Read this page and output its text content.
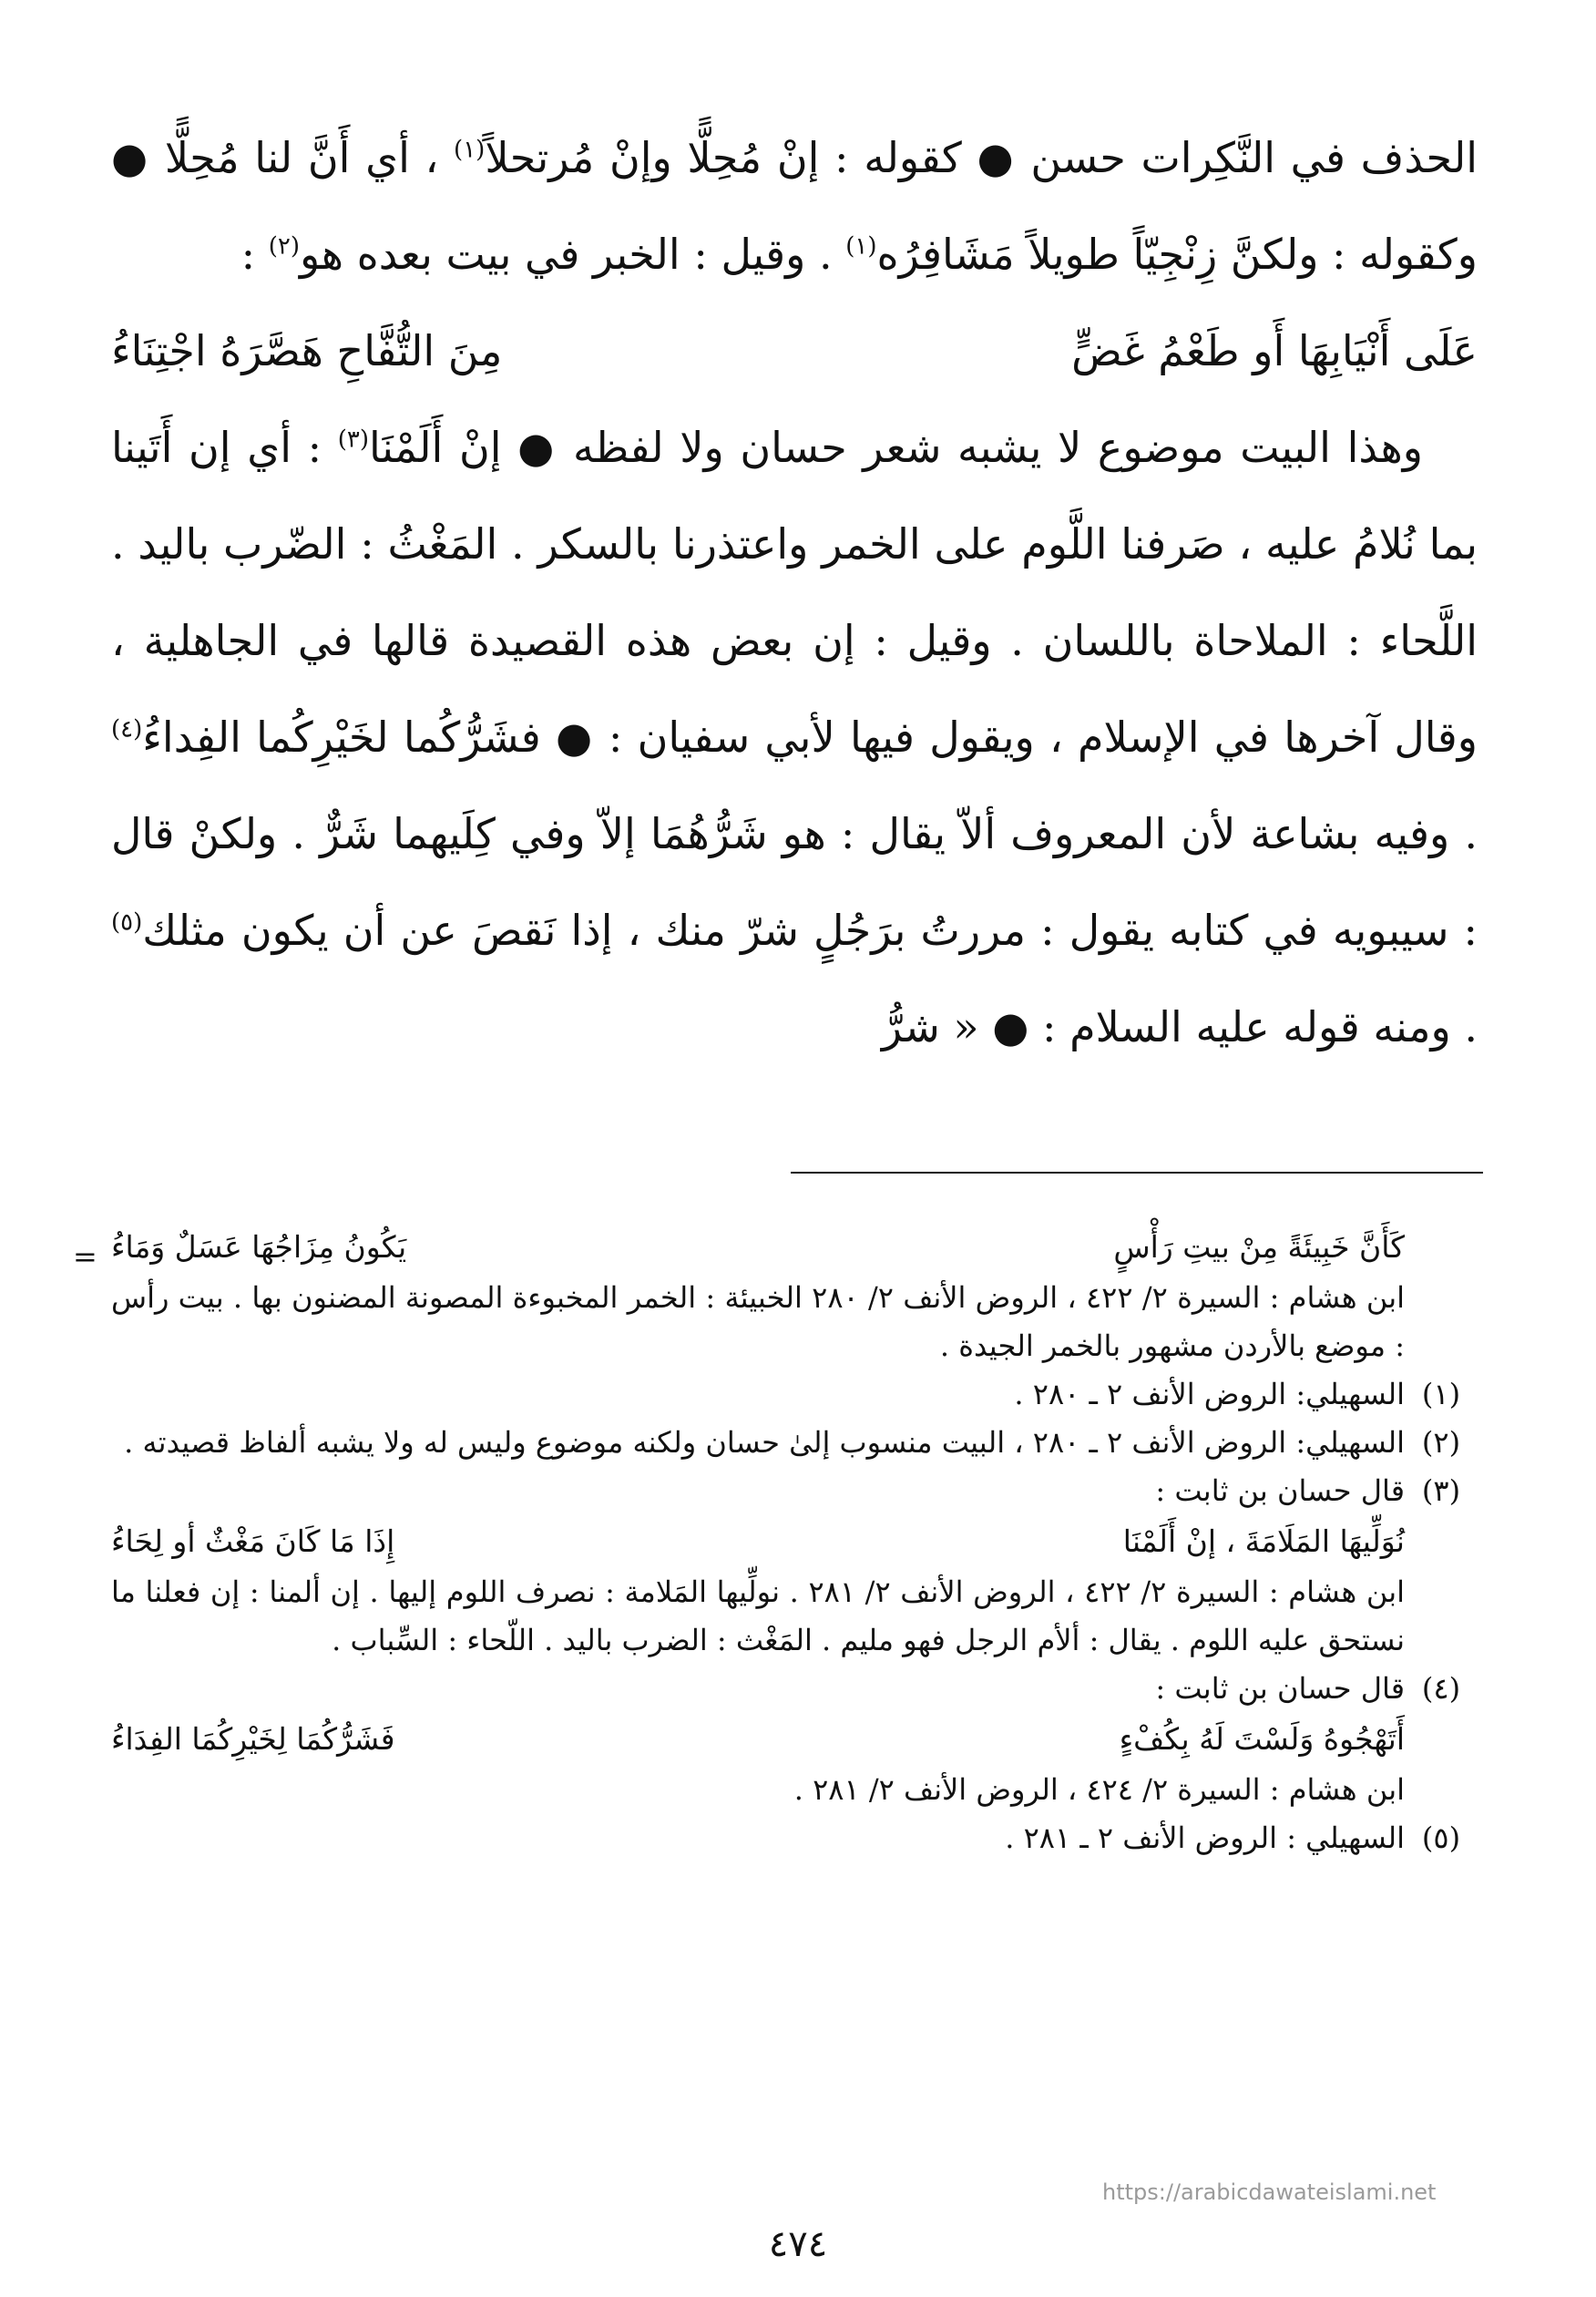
الحذف في النَّكِرات حسن ● كقوله : إنْ مُحِلًّا وإنْ مُرتحلاً$^{(١)}$ ، أي أَنَّ لنا مُحِلًّا ● وكقوله : ولكنَّ زِنْجِيّاً طويلاً مَشَافِرُه$^{(١)}$ . وقيل : الخبر في بيت بعده هو$^{(٢)}$ :

عَلَى أَنْيَابِهَا أَو طَعْمُ غَضٍّ
مِنَ التُّفَّاحِ هَصَّرَهُ اجْتِنَاءُ

وهذا البيت موضوع لا يشبه شعر حسان ولا لفظه ● إنْ أَلَمْنَا$^{(٣)}$ : أي إن أَتَينا بما نُلامُ عليه ، صَرفنا اللَّوم على الخمر واعتذرنا بالسكر . المَغْثُ : الضّرب باليد . اللَّحاء : الملاحاة باللسان . وقيل : إن بعض هذه القصيدة قالها في الجاهلية ، وقال آخرها في الإسلام ، ويقول فيها لأبي سفيان : ● فشَرُّكُما لخَيْرِكُما الفِداءُ$^{(٤)}$ . وفيه بشاعة لأن المعروف ألاّ يقال : هو شَرُّهُمَا إلاّ وفي كِلَيهما شَرٌّ . ولكنْ قال : سيبويه في كتابه يقول : مررتُ برَجُلٍ شرّ منك ، إذا نَقصَ عن أن يكون مثلك$^{(٥)}$ . ومنه قوله عليه السلام : ● « شرُّ

=	كَأَنَّ خَبِيئَةً مِنْ بيتِ رَأْسٍ
يَكُونُ مِزَاجُهَا عَسَلٌ وَمَاءُ
ابن هشام : السيرة ٢/ ٤٢٢ ، الروض الأنف ٢/ ٢٨٠ الخبيئة : الخمر المخبوءة المصونة المضنون بها . بيت رأس : موضع بالأردن مشهور بالخمر الجيدة .
(١)
السهيلي: الروض الأنف ٢ ـ ٢٨٠ .
(٢)
السهيلي: الروض الأنف ٢ ـ ٢٨٠ ، البيت منسوب إلىٰ حسان ولكنه موضوع وليس له ولا يشبه ألفاظ قصيدته .
(٣)
قال حسان بن ثابت :
نُوَلِّيهَا المَلَامَةَ ، إنْ أَلَمْنَا
إِذَا مَا كَانَ مَغْثٌ أو لِحَاءُ
ابن هشام : السيرة ٢/ ٤٢٢ ، الروض الأنف ٢/ ٢٨١ . نولِّيها المَلامة : نصرف اللوم إليها . إن ألمنا : إن فعلنا ما نستحق عليه اللوم . يقال : ألأم الرجل فهو مليم . المَغْث : الضرب باليد . اللّحاء : السِّباب .
(٤)
قال حسان بن ثابت :
أَتَهْجُوهُ وَلَسْتَ لَهُ بِكُفْءٍ
فَشَرُّكُمَا لِخَيْرِكُمَا الفِدَاءُ
ابن هشام : السيرة ٢/ ٤٢٤ ، الروض الأنف ٢/ ٢٨١ .
(٥)
السهيلي : الروض الأنف ٢ ـ ٢٨١ .
https://arabicdawateislami.net
٤٧٤
